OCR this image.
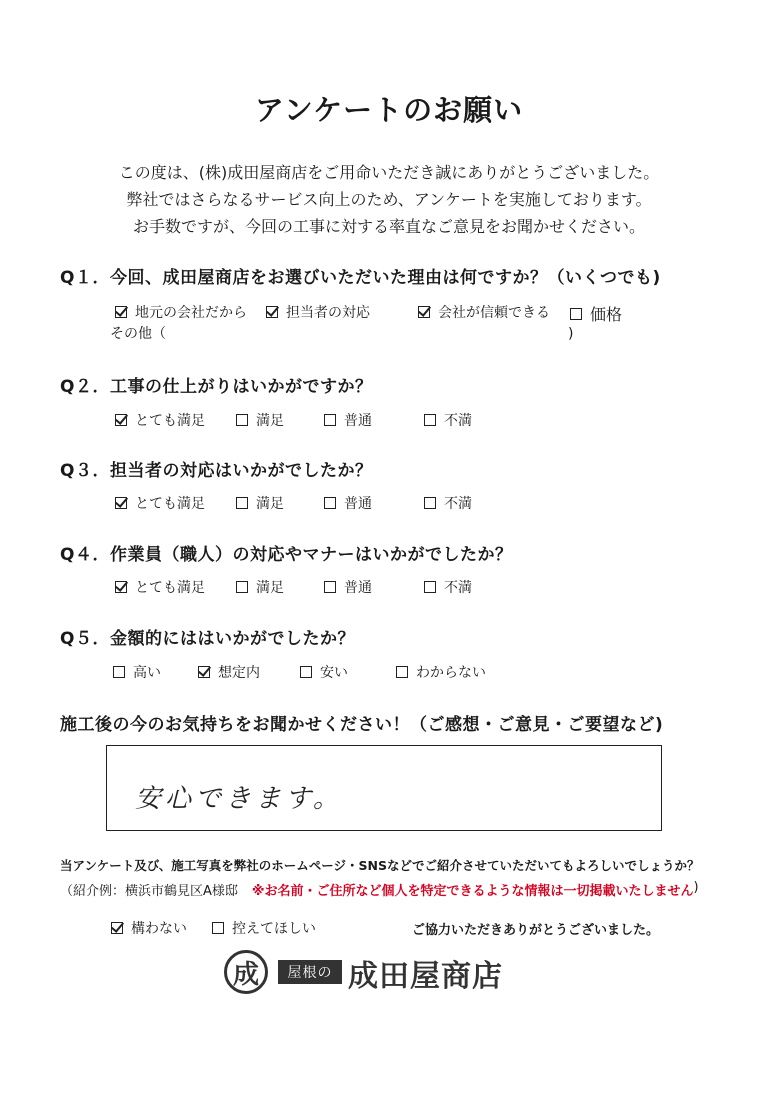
アンケートのお願い
この度は、(株)成田屋商店をご用命いただき誠にありがとうございました。
弊社ではさらなるサービス向上のため、アンケートを実施しております。
お手数ですが、今回の工事に対する率直なご意見をお聞かせください。
Q１．今回、成田屋商店をお選びいただいた理由は何ですか？（いくつでも)
地元の会社だから	担当者の対応	会社が信頼できる	価格
その他（	)
Q２．工事の仕上がりはいかがですか？
とても満足	満足	普通	不満
Q３．担当者の対応はいかがでしたか？
とても満足	満足	普通	不満
Q４．作業員（職人）の対応やマナーはいかがでしたか？
とても満足	満足	普通	不満
Q５．金額的にははいかがでしたか？
高い	想定内	安い	わからない
施工後の今のお気持ちをお聞かせください！（ご感想・ご意見・ご要望など)
安心できます。
当アンケート及び、施工写真を弊社のホームページ・SNSなどでご紹介させていただいてもよろしいでしょうか？
（紹介例：横浜市鶴見区A様邸 ※お名前・ご住所など個人を特定できるような情報は一切掲載いたしません )
構わない	控えてほしい	ご協力いただきありがとうございました。
成	屋根の 成田屋商店
